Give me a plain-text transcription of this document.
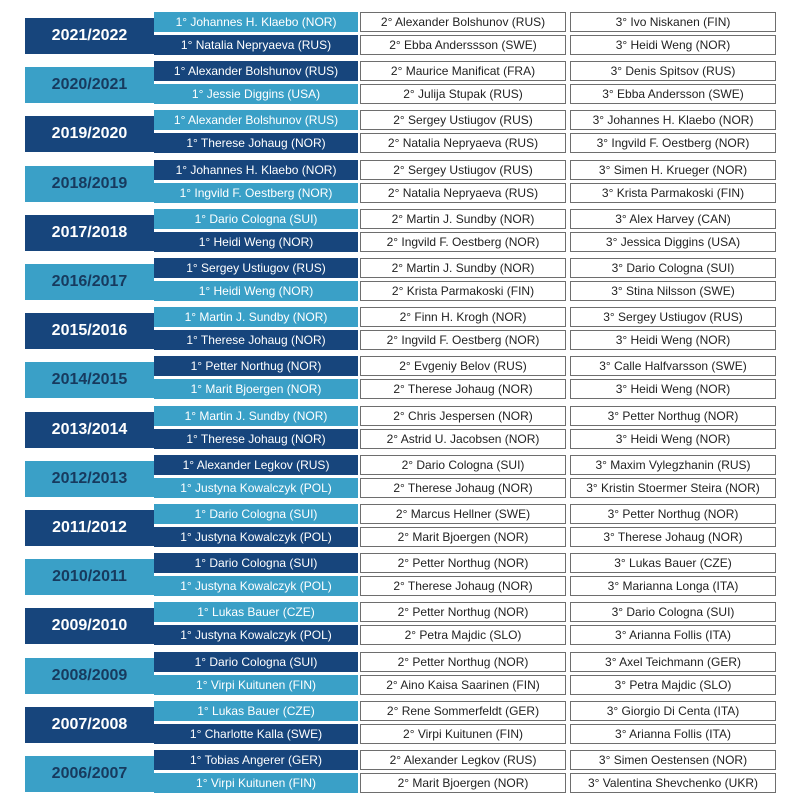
2021/2022
1° Johannes H. Klaebo (NOR)	2° Alexander Bolshunov (RUS)	3° Ivo Niskanen (FIN)
1° Natalia Nepryaeva (RUS)	2° Ebba Anderssson (SWE)	3° Heidi Weng (NOR)
2020/2021
1° Alexander Bolshunov (RUS)	2° Maurice Manificat (FRA)	3° Denis Spitsov (RUS)
1° Jessie Diggins (USA)	2° Julija Stupak (RUS)	3° Ebba Andersson (SWE)
2019/2020
1° Alexander Bolshunov (RUS)	2° Sergey Ustiugov (RUS)	3° Johannes H. Klaebo (NOR)
1° Therese Johaug (NOR)	2° Natalia Nepryaeva (RUS)	3° Ingvild F. Oestberg (NOR)
2018/2019
1° Johannes H. Klaebo (NOR)	2° Sergey Ustiugov (RUS)	3° Simen H. Krueger (NOR)
1° Ingvild F. Oestberg (NOR)	2° Natalia Nepryaeva (RUS)	3° Krista Parmakoski (FIN)
2017/2018
1° Dario Cologna (SUI)	2° Martin J. Sundby (NOR)	3° Alex Harvey (CAN)
1° Heidi Weng (NOR)	2° Ingvild F. Oestberg (NOR)	3° Jessica Diggins (USA)
2016/2017
1° Sergey Ustiugov (RUS)	2° Martin J. Sundby (NOR)	3° Dario Cologna (SUI)
1° Heidi Weng (NOR)	2° Krista Parmakoski (FIN)	3° Stina Nilsson (SWE)
2015/2016
1° Martin J. Sundby (NOR)	2° Finn H. Krogh (NOR)	3° Sergey Ustiugov (RUS)
1° Therese Johaug (NOR)	2° Ingvild F. Oestberg (NOR)	3° Heidi Weng (NOR)
2014/2015
1° Petter Northug (NOR)	2° Evgeniy Belov (RUS)	3° Calle Halfvarsson (SWE)
1° Marit Bjoergen (NOR)	2° Therese Johaug (NOR)	3° Heidi Weng (NOR)
2013/2014
1° Martin J. Sundby (NOR)	2° Chris Jespersen (NOR)	3° Petter Northug (NOR)
1° Therese Johaug (NOR)	2° Astrid U. Jacobsen (NOR)	3° Heidi Weng (NOR)
2012/2013
1° Alexander Legkov (RUS)	2° Dario Cologna (SUI)	3° Maxim Vylegzhanin (RUS)
1° Justyna Kowalczyk (POL)	2° Therese Johaug (NOR)	3° Kristin Stoermer Steira (NOR)
2011/2012
1° Dario Cologna (SUI)	2° Marcus Hellner (SWE)	3° Petter Northug (NOR)
1° Justyna Kowalczyk (POL)	2° Marit Bjoergen (NOR)	3° Therese Johaug (NOR)
2010/2011
1° Dario Cologna (SUI)	2° Petter Northug (NOR)	3° Lukas Bauer (CZE)
1° Justyna Kowalczyk (POL)	2° Therese Johaug (NOR)	3° Marianna Longa (ITA)
2009/2010
1° Lukas Bauer (CZE)	2° Petter Northug (NOR)	3° Dario Cologna (SUI)
1° Justyna Kowalczyk (POL)	2° Petra Majdic (SLO)	3° Arianna Follis (ITA)
2008/2009
1° Dario Cologna (SUI)	2° Petter Northug (NOR)	3° Axel Teichmann (GER)
1° Virpi Kuitunen (FIN)	2° Aino Kaisa Saarinen (FIN)	3° Petra Majdic (SLO)
2007/2008
1° Lukas Bauer (CZE)	2° Rene Sommerfeldt (GER)	3° Giorgio Di Centa (ITA)
1° Charlotte Kalla (SWE)	2° Virpi Kuitunen (FIN)	3° Arianna Follis (ITA)
2006/2007
1° Tobias Angerer (GER)	2° Alexander Legkov (RUS)	3° Simen Oestensen (NOR)
1° Virpi Kuitunen (FIN)	2° Marit Bjoergen (NOR)	3° Valentina Shevchenko (UKR)
